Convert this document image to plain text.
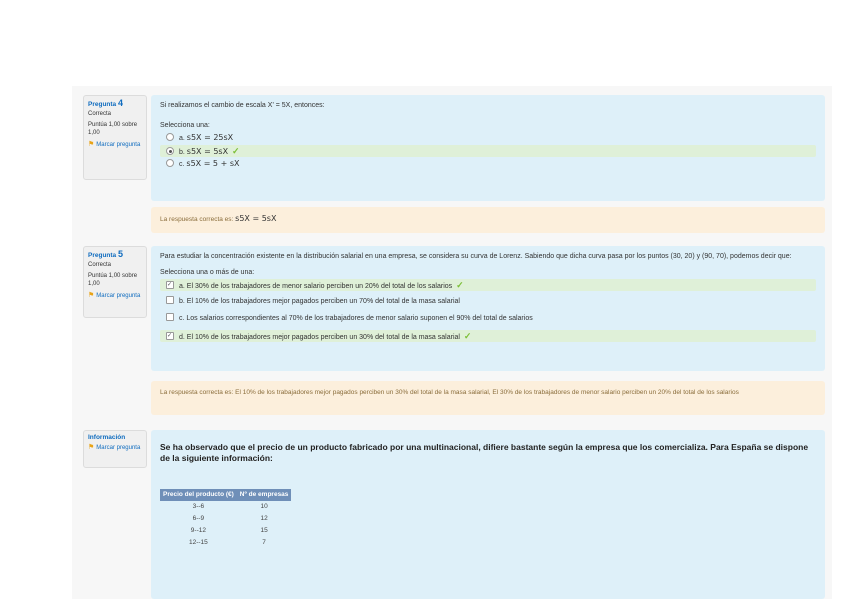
Pregunta 4
Correcta
Puntúa 1,00 sobre 1,00
⚑ Marcar pregunta
Si realizamos el cambio de escala X' = 5X, entonces:
Selecciona una:
a. s5X = 25sX
b. s5X = 5sX ✓
c. s5X = 5 + sX
La respuesta correcta es: s5X = 5sX
Pregunta 5
Correcta
Puntúa 1,00 sobre 1,00
⚑ Marcar pregunta
Para estudiar la concentración existente en la distribución salarial en una empresa, se considera su curva de Lorenz. Sabiendo que dicha curva pasa por los puntos (30, 20) y (90, 70), podemos decir que:
Selecciona una o más de una:
✓a. El 30% de los trabajadores de menor salario perciben un 20% del total de los salarios ✓
b. El 10% de los trabajadores mejor pagados perciben un 70% del total de la masa salarial
c. Los salarios correspondientes al 70% de los trabajadores de menor salario suponen el 90% del total de salarios
✓d. El 10% de los trabajadores mejor pagados perciben un 30% del total de la masa salarial ✓
La respuesta correcta es: El 10% de los trabajadores mejor pagados perciben un 30% del total de la masa salarial, El 30% de los trabajadores de menor salario perciben un 20% del total de los salarios
Información
⚑ Marcar pregunta Se ha observado que el precio de un producto fabricado por una multinacional, difiere bastante según la empresa que los comercializa. Para España se dispone de la siguiente información:
Precio del producto (€)	Nº de empresas
3--6	10
6--9	12
9--12	15
12--15	7
